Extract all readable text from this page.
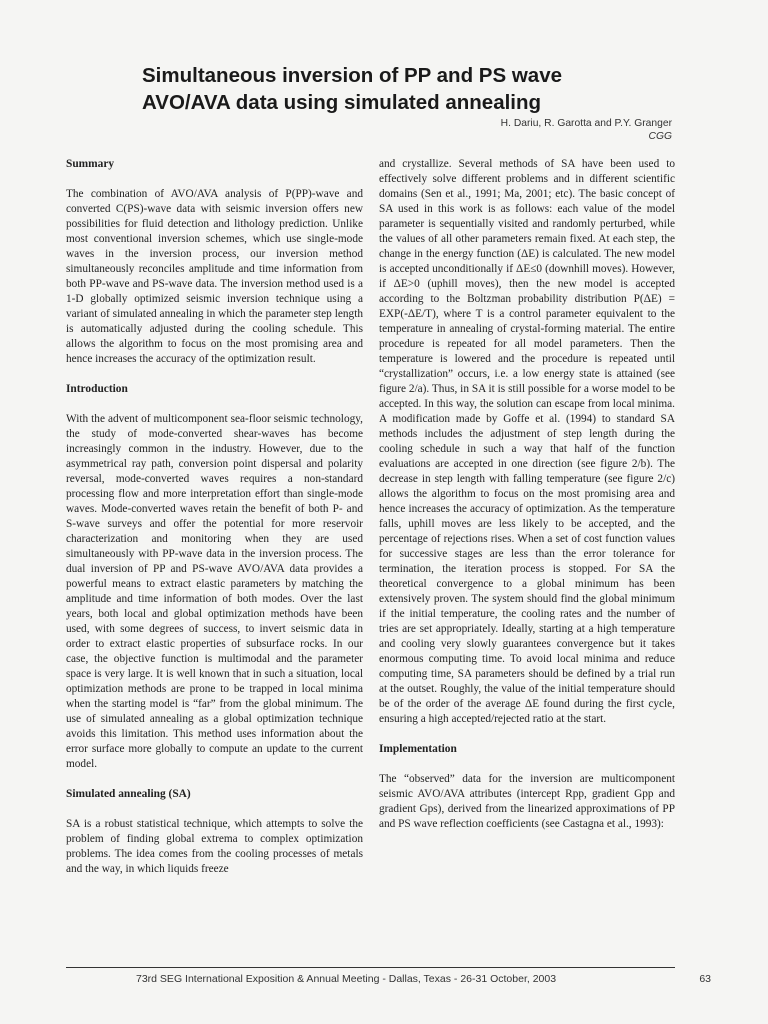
Simultaneous inversion of PP and PS wave
AVO/AVA data using simulated annealing
H. Dariu, R. Garotta and P.Y. Granger
CGG
Summary

The combination of AVO/AVA analysis of P(PP)-wave and converted C(PS)-wave data with seismic inversion offers new possibilities for fluid detection and lithology prediction. Unlike most conventional inversion schemes, which use single-mode waves in the inversion process, our inversion method simultaneously reconciles amplitude and time information from both PP-wave and PS-wave data. The inversion method used is a 1-D globally optimized seismic inversion technique using a variant of simulated annealing in which the parameter step length is automatically adjusted during the cooling schedule. This allows the algorithm to focus on the most promising area and hence increases the accuracy of the optimization result.

Introduction

With the advent of multicomponent sea-floor seismic technology, the study of mode-converted shear-waves has become increasingly common in the industry. However, due to the asymmetrical ray path, conversion point dispersal and polarity reversal, mode-converted waves requires a non-standard processing flow and more interpretation effort than single-mode waves. Mode-converted waves retain the benefit of both P- and S-wave surveys and offer the potential for more reservoir characterization and monitoring when they are used simultaneously with PP-wave data in the inversion process. The dual inversion of PP and PS-wave AVO/AVA data provides a powerful means to extract elastic parameters by matching the amplitude and time information of both modes. Over the last years, both local and global optimization methods have been used, with some degrees of success, to invert seismic data in order to extract elastic properties of subsurface rocks. In our case, the objective function is multimodal and the parameter space is very large. It is well known that in such a situation, local optimization methods are prone to be trapped in local minima when the starting model is “far” from the global minimum. The use of simulated annealing as a global optimization technique avoids this limitation. This method uses information about the error surface more globally to compute an update to the current model.

Simulated annealing (SA)

SA is a robust statistical technique, which attempts to solve the problem of finding global extrema to complex optimization problems. The idea comes from the cooling processes of metals and the way, in which liquids freeze

and crystallize. Several methods of SA have been used to effectively solve different problems and in different scientific domains (Sen et al., 1991; Ma, 2001; etc). The basic concept of SA used in this work is as follows: each value of the model parameter is sequentially visited and randomly perturbed, while the values of all other parameters remain fixed. At each step, the change in the energy function (ΔE) is calculated. The new model is accepted unconditionally if ΔE≤0 (downhill moves). However, if ΔE>0 (uphill moves), then the new model is accepted according to the Boltzman probability distribution P(ΔE) = EXP(-ΔE/T), where T is a control parameter equivalent to the temperature in annealing of crystal-forming material. The entire procedure is repeated for all model parameters. Then the temperature is lowered and the procedure is repeated until “crystallization” occurs, i.e. a low energy state is attained (see figure 2/a). Thus, in SA it is still possible for a worse model to be accepted. In this way, the solution can escape from local minima. A modification made by Goffe et al. (1994) to standard SA methods includes the adjustment of step length during the cooling schedule in such a way that half of the function evaluations are accepted in one direction (see figure 2/b). The decrease in step length with falling temperature (see figure 2/c) allows the algorithm to focus on the most promising area and hence increases the accuracy of optimization. As the temperature falls, uphill moves are less likely to be accepted, and the percentage of rejections rises. When a set of cost function values for successive stages are less than the error tolerance for termination, the iteration process is stopped. For SA the theoretical convergence to a global minimum has been extensively proven. The system should find the global minimum if the initial temperature, the cooling rates and the number of tries are set appropriately. Ideally, starting at a high temperature and cooling very slowly guarantees convergence but it takes enormous computing time. To avoid local minima and reduce computing time, SA parameters should be defined by a trial run at the outset. Roughly, the value of the initial temperature should be of the order of the average ΔE found during the first cycle, ensuring a high accepted/rejected ratio at the start.

Implementation

The “observed” data for the inversion are multicomponent seismic AVO/AVA attributes (intercept Rpp, gradient Gpp and gradient Gps), derived from the linearized approximations of PP and PS wave reflection coefficients (see Castagna et al., 1993):

73rd SEG International Exposition & Annual Meeting - Dallas, Texas - 26-31 October, 2003	63
